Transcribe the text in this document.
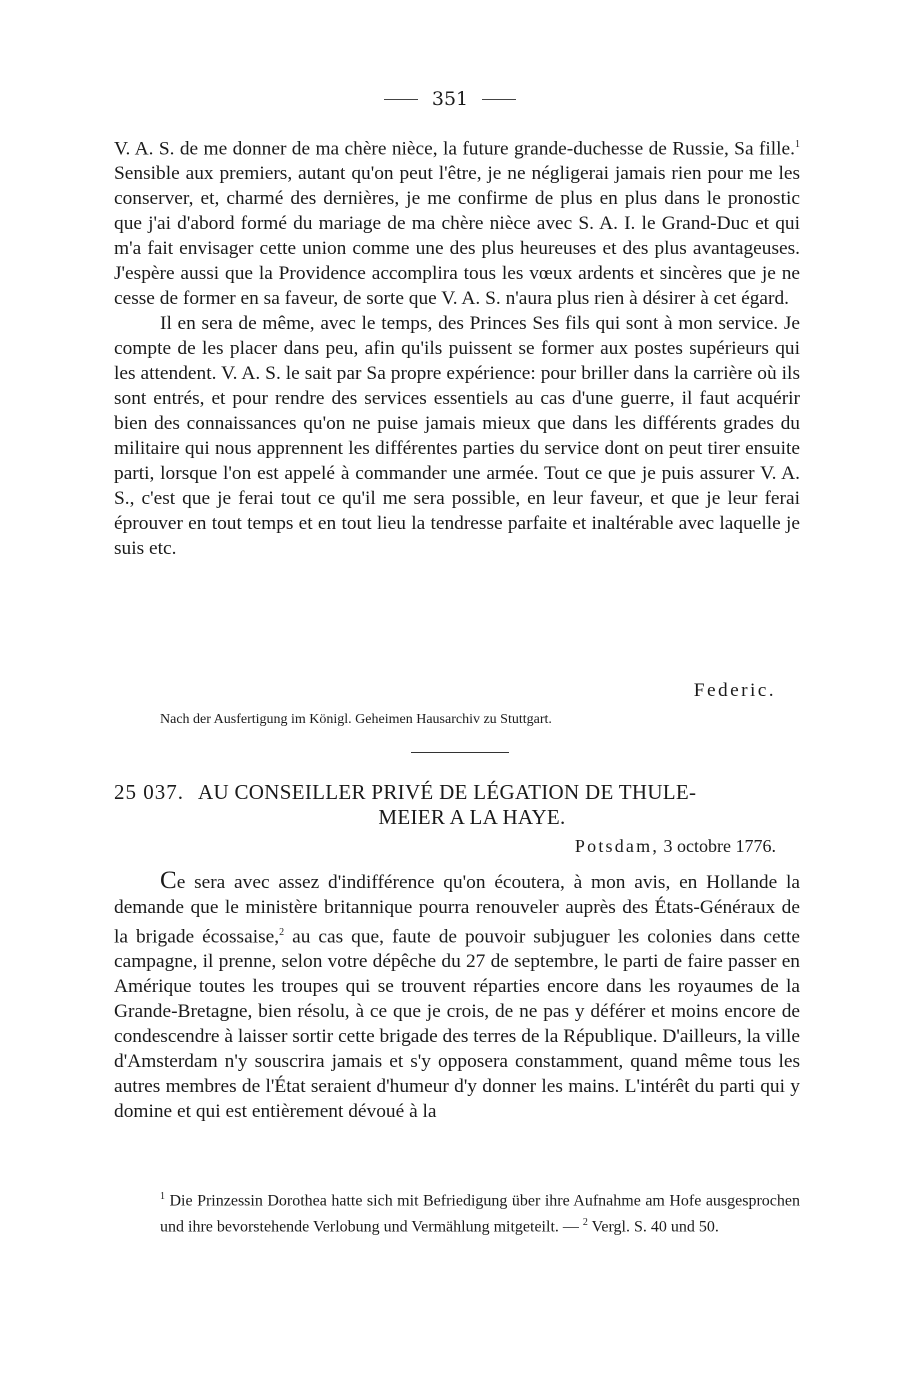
351

V. A. S. de me donner de ma chère nièce, la future grande-duchesse de Russie, Sa fille.$^1$ Sensible aux premiers, autant qu'on peut l'être, je ne négligerai jamais rien pour me les conserver, et, charmé des dernières, je me confirme de plus en plus dans le pronostic que j'ai d'abord formé du mariage de ma chère nièce avec S. A. I. le Grand-Duc et qui m'a fait envisager cette union comme une des plus heureuses et des plus avantageuses. J'espère aussi que la Providence accomplira tous les vœux ardents et sincères que je ne cesse de former en sa faveur, de sorte que V. A. S. n'aura plus rien à désirer à cet égard.

Il en sera de même, avec le temps, des Princes Ses fils qui sont à mon service. Je compte de les placer dans peu, afin qu'ils puissent se former aux postes supérieurs qui les attendent. V. A. S. le sait par Sa propre expérience: pour briller dans la carrière où ils sont entrés, et pour rendre des services essentiels au cas d'une guerre, il faut acquérir bien des connaissances qu'on ne puise jamais mieux que dans les différents grades du militaire qui nous apprennent les différentes parties du service dont on peut tirer ensuite parti, lorsque l'on est appelé à commander une armée. Tout ce que je puis assurer V. A. S., c'est que je ferai tout ce qu'il me sera possible, en leur faveur, et que je leur ferai éprouver en tout temps et en tout lieu la tendresse parfaite et inaltérable avec laquelle je suis etc.

Federic.
Nach der Ausfertigung im Königl. Geheimen Hausarchiv zu Stuttgart.
25 037. AU CONSEILLER PRIVÉ DE LÉGATION DE THULE-
MEIER A LA HAYE.
Potsdam, 3 octobre 1776.

Ce sera avec assez d'indifférence qu'on écoutera, à mon avis, en Hollande la demande que le ministère britannique pourra renouveler auprès des États-Généraux de la brigade écossaise,$^2$ au cas que, faute de pouvoir subjuguer les colonies dans cette campagne, il prenne, selon votre dépêche du 27 de septembre, le parti de faire passer en Amérique toutes les troupes qui se trouvent réparties encore dans les royaumes de la Grande-Bretagne, bien résolu, à ce que je crois, de ne pas y déférer et moins encore de condescendre à laisser sortir cette brigade des terres de la République. D'ailleurs, la ville d'Amsterdam n'y souscrira jamais et s'y opposera constamment, quand même tous les autres membres de l'État seraient d'humeur d'y donner les mains. L'intérêt du parti qui y domine et qui est entièrement dévoué à la

$^1$ Die Prinzessin Dorothea hatte sich mit Befriedigung über ihre Aufnahme am Hofe ausgesprochen und ihre bevorstehende Verlobung und Vermählung mitgeteilt. — $^2$ Vergl. S. 40 und 50.
